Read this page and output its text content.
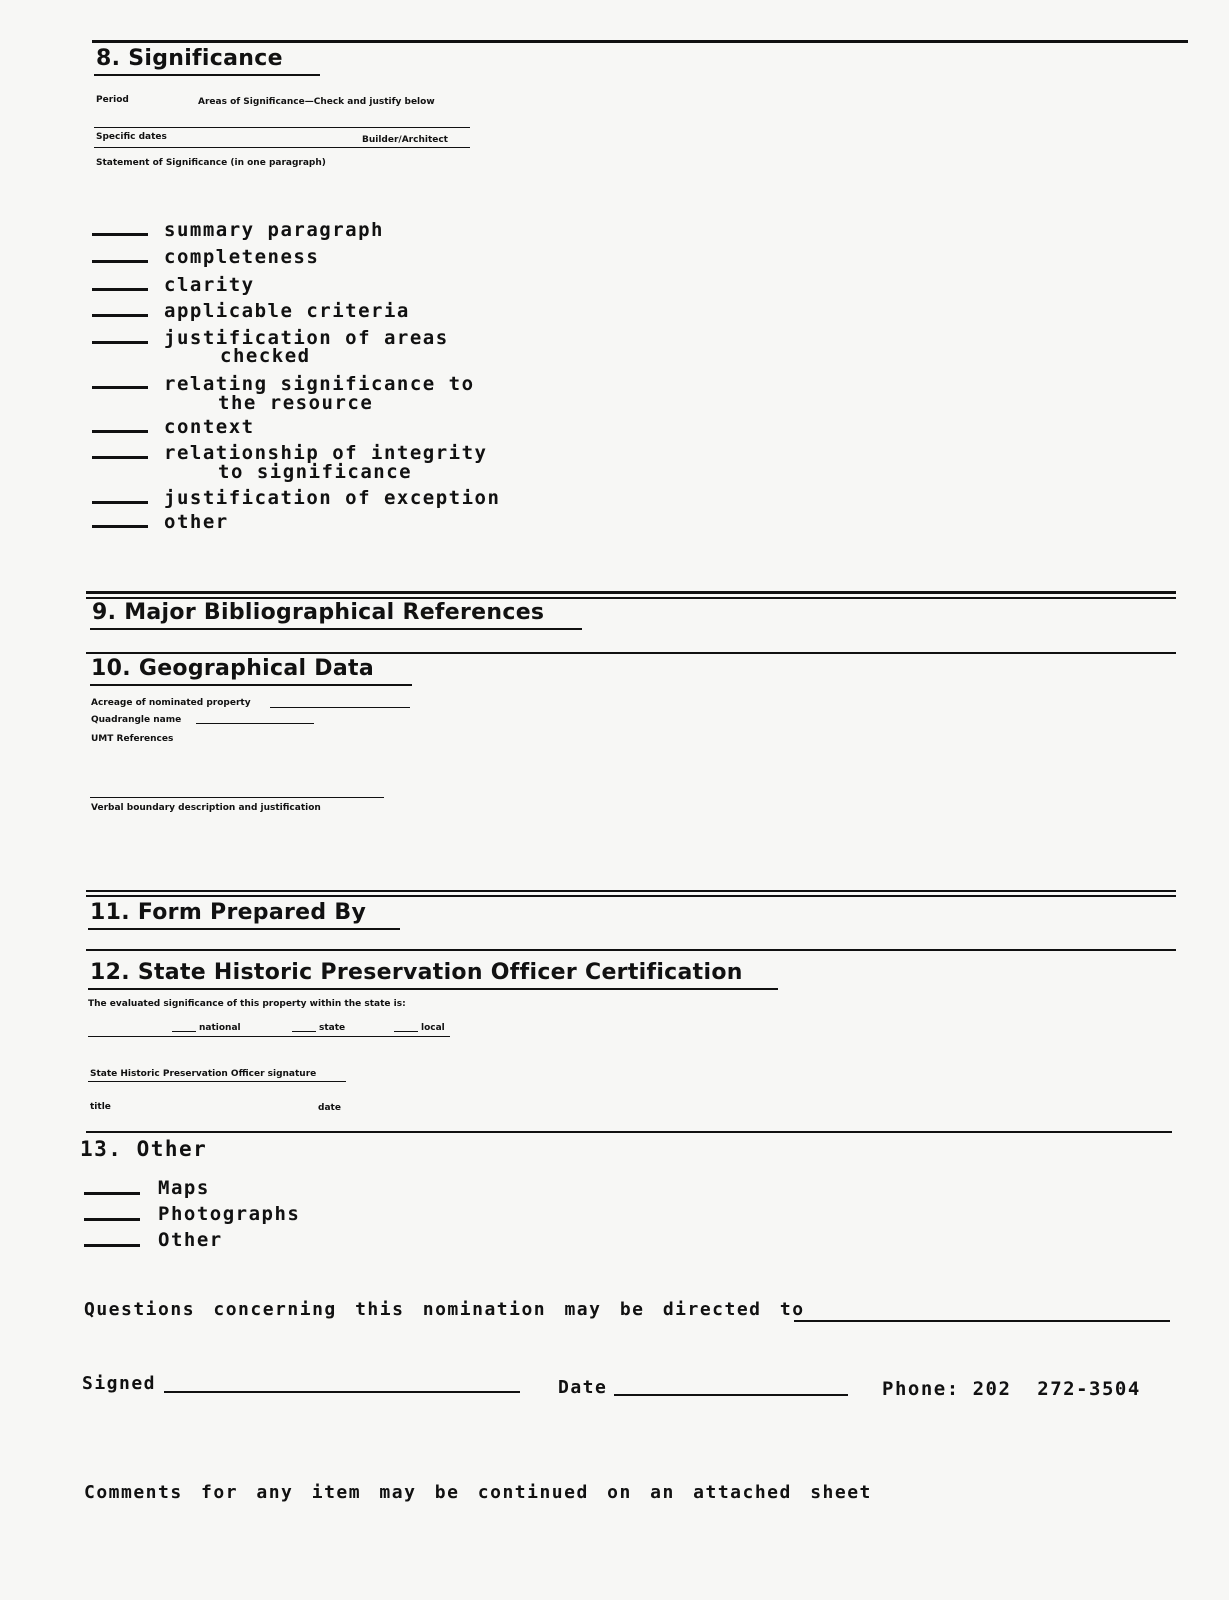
8. Significance
Period	Areas of Significance—Check and justify below
Specific dates	Builder/Architect
Statement of Significance (in one paragraph)
summary paragraph
completeness
clarity
applicable criteria
justification of areas
checked
relating significance to
the resource
context
relationship of integrity
to significance
justification of exception
other
9. Major Bibliographical References
10. Geographical Data
Acreage of nominated property
Quadrangle name
UMT References
Verbal boundary description and justification
11. Form Prepared By
12. State Historic Preservation Officer Certification
The evaluated significance of this property within the state is:
national	state	local
State Historic Preservation Officer signature
title	date
13. Other
Maps
Photographs
Other
Questions concerning this nomination may be directed to
Signed	Date	Phone: 202  272-3504
Comments for any item may be continued on an attached sheet
